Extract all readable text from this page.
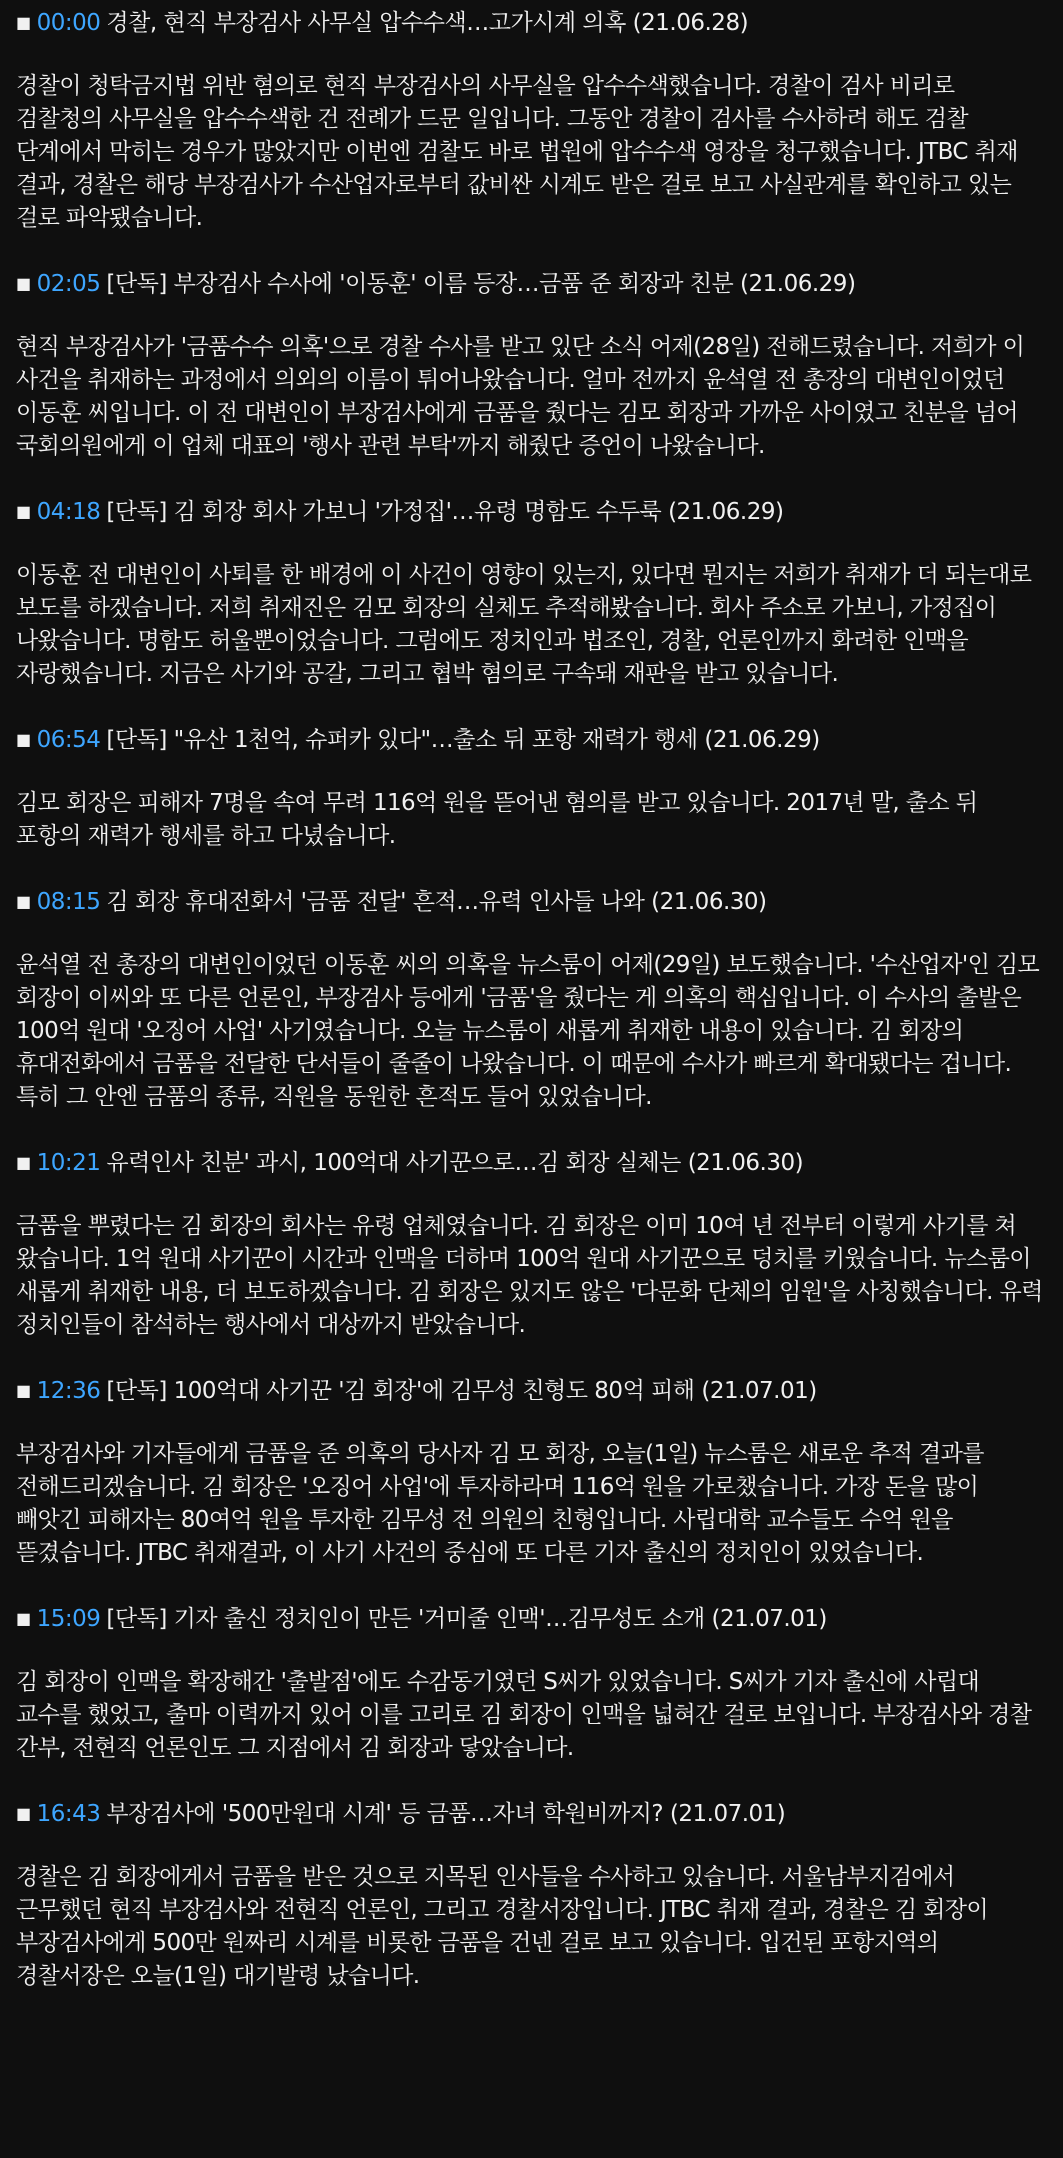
■ 00:00 경찰, 현직 부장검사 사무실 압수수색…고가시계 의혹 (21.06.28)

경찰이 청탁금지법 위반 혐의로 현직 부장검사의 사무실을 압수수색했습니다. 경찰이 검사 비리로 검찰청의 사무실을 압수수색한 건 전례가 드문 일입니다. 그동안 경찰이 검사를 수사하려 해도 검찰 단계에서 막히는 경우가 많았지만 이번엔 검찰도 바로 법원에 압수수색 영장을 청구했습니다. JTBC 취재 결과, 경찰은 해당 부장검사가 수산업자로부터 값비싼 시계도 받은 걸로 보고 사실관계를 확인하고 있는 걸로 파악됐습니다.

■ 02:05 [단독] 부장검사 수사에 '이동훈' 이름 등장…금품 준 회장과 친분 (21.06.29)

현직 부장검사가 '금품수수 의혹'으로 경찰 수사를 받고 있단 소식 어제(28일) 전해드렸습니다. 저희가 이 사건을 취재하는 과정에서 의외의 이름이 튀어나왔습니다. 얼마 전까지 윤석열 전 총장의 대변인이었던 이동훈 씨입니다. 이 전 대변인이 부장검사에게 금품을 줬다는 김모 회장과 가까운 사이였고 친분을 넘어 국회의원에게 이 업체 대표의 '행사 관련 부탁'까지 해줬단 증언이 나왔습니다.

■ 04:18 [단독] 김 회장 회사 가보니 '가정집'…유령 명함도 수두룩 (21.06.29)

이동훈 전 대변인이 사퇴를 한 배경에 이 사건이 영향이 있는지, 있다면 뭔지는 저희가 취재가 더 되는대로 보도를 하겠습니다. 저희 취재진은 김모 회장의 실체도 추적해봤습니다. 회사 주소로 가보니, 가정집이 나왔습니다. 명함도 허울뿐이었습니다. 그럼에도 정치인과 법조인, 경찰, 언론인까지 화려한 인맥을 자랑했습니다. 지금은 사기와 공갈, 그리고 협박 혐의로 구속돼 재판을 받고 있습니다.

■ 06:54 [단독] "유산 1천억, 슈퍼카 있다"…출소 뒤 포항 재력가 행세 (21.06.29)

김모 회장은 피해자 7명을 속여 무려 116억 원을 뜯어낸 혐의를 받고 있습니다. 2017년 말, 출소 뒤 포항의 재력가 행세를 하고 다녔습니다.

■ 08:15 김 회장 휴대전화서 '금품 전달' 흔적…유력 인사들 나와 (21.06.30)

윤석열 전 총장의 대변인이었던 이동훈 씨의 의혹을 뉴스룸이 어제(29일) 보도했습니다. '수산업자'인 김모 회장이 이씨와 또 다른 언론인, 부장검사 등에게 '금품'을 줬다는 게 의혹의 핵심입니다. 이 수사의 출발은 100억 원대 '오징어 사업' 사기였습니다. 오늘 뉴스룸이 새롭게 취재한 내용이 있습니다. 김 회장의 휴대전화에서 금품을 전달한 단서들이 줄줄이 나왔습니다. 이 때문에 수사가 빠르게 확대됐다는 겁니다. 특히 그 안엔 금품의 종류, 직원을 동원한 흔적도 들어 있었습니다.

■ 10:21 유력인사 친분' 과시, 100억대 사기꾼으로…김 회장 실체는 (21.06.30)

금품을 뿌렸다는 김 회장의 회사는 유령 업체였습니다. 김 회장은 이미 10여 년 전부터 이렇게 사기를 쳐 왔습니다. 1억 원대 사기꾼이 시간과 인맥을 더하며 100억 원대 사기꾼으로 덩치를 키웠습니다. 뉴스룸이 새롭게 취재한 내용, 더 보도하겠습니다. 김 회장은 있지도 않은 '다문화 단체의 임원'을 사칭했습니다. 유력 정치인들이 참석하는 행사에서 대상까지 받았습니다.

■ 12:36 [단독] 100억대 사기꾼 '김 회장'에 김무성 친형도 80억 피해 (21.07.01)

부장검사와 기자들에게 금품을 준 의혹의 당사자 김 모 회장, 오늘(1일) 뉴스룸은 새로운 추적 결과를 전해드리겠습니다. 김 회장은 '오징어 사업'에 투자하라며 116억 원을 가로챘습니다. 가장 돈을 많이 빼앗긴 피해자는 80여억 원을 투자한 김무성 전 의원의 친형입니다. 사립대학 교수들도 수억 원을 뜯겼습니다. JTBC 취재결과, 이 사기 사건의 중심에 또 다른 기자 출신의 정치인이 있었습니다.

■ 15:09 [단독] 기자 출신 정치인이 만든 '거미줄 인맥'…김무성도 소개 (21.07.01)

김 회장이 인맥을 확장해간 '출발점'에도 수감동기였던 S씨가 있었습니다. S씨가 기자 출신에 사립대 교수를 했었고, 출마 이력까지 있어 이를 고리로 김 회장이 인맥을 넓혀간 걸로 보입니다. 부장검사와 경찰 간부, 전현직 언론인도 그 지점에서 김 회장과 닿았습니다.

■ 16:43 부장검사에 '500만원대 시계' 등 금품…자녀 학원비까지? (21.07.01)

경찰은 김 회장에게서 금품을 받은 것으로 지목된 인사들을 수사하고 있습니다. 서울남부지검에서 근무했던 현직 부장검사와 전현직 언론인, 그리고 경찰서장입니다. JTBC 취재 결과, 경찰은 김 회장이 부장검사에게 500만 원짜리 시계를 비롯한 금품을 건넨 걸로 보고 있습니다. 입건된 포항지역의 경찰서장은 오늘(1일) 대기발령 났습니다.
